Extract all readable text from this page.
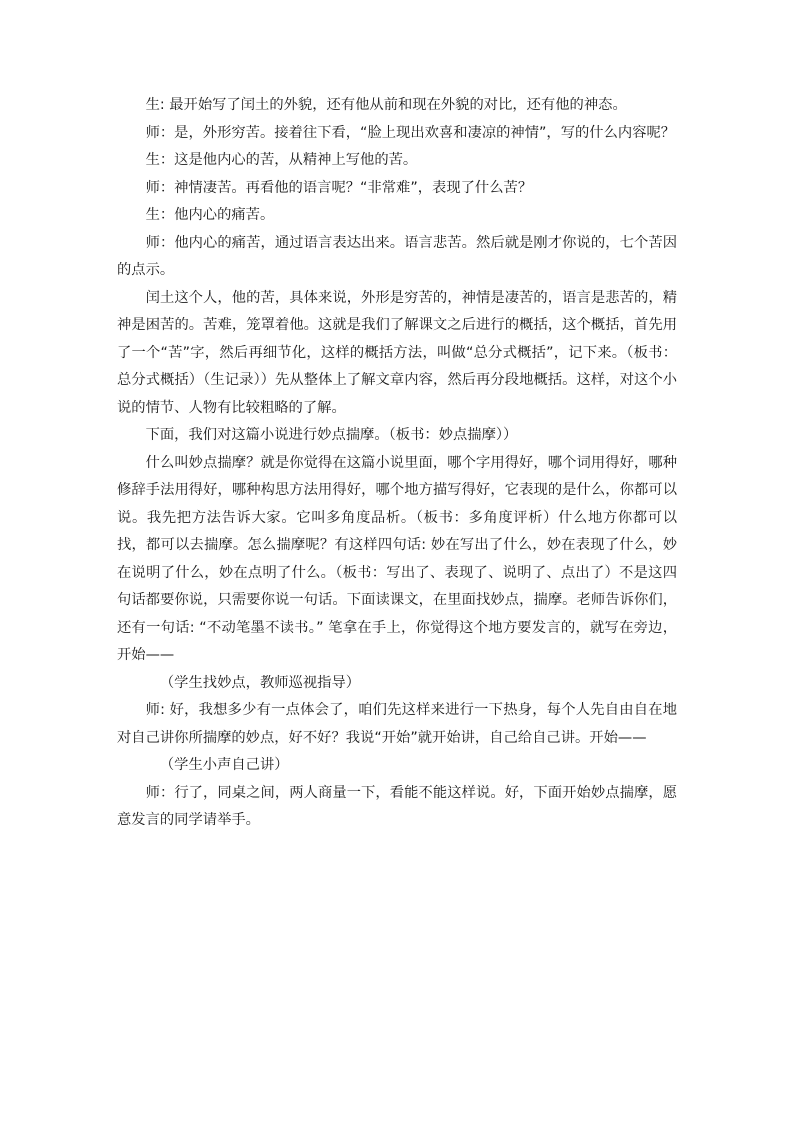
生: 最开始写了闰土的外貌，还有他从前和现在外貌的对比，还有他的神态。

师：是，外形穷苦。接着往下看，“脸上现出欢喜和凄凉的神情”，写的什么内容呢？

生：这是他内心的苦，从精神上写他的苦。

师：神情凄苦。再看他的语言呢？“非常难”，表现了什么苦？

生：他内心的痛苦。

师：他内心的痛苦，通过语言表达出来。语言悲苦。然后就是刚才你说的，七个苦因的点示。

闰土这个人，他的苦，具体来说，外形是穷苦的，神情是凄苦的，语言是悲苦的，精神是困苦的。苦难，笼罩着他。这就是我们了解课文之后进行的概括，这个概括，首先用了一个“苦”字，然后再细节化，这样的概括方法，叫做“总分式概括”，记下来。（板书：总分式概括）（生记录））先从整体上了解文章内容，然后再分段地概括。这样，对这个小说的情节、人物有比较粗略的了解。

下面，我们对这篇小说进行妙点揣摩。（板书：妙点揣摩））

什么叫妙点揣摩？就是你觉得在这篇小说里面，哪个字用得好，哪个词用得好，哪种修辞手法用得好，哪种构思方法用得好，哪个地方描写得好，它表现的是什么，你都可以说。我先把方法告诉大家。它叫多角度品析。（板书：多角度评析）什么地方你都可以找，都可以去揣摩。怎么揣摩呢？有这样四句话: 妙在写出了什么，妙在表现了什么，妙在说明了什么，妙在点明了什么。（板书：写出了、表现了、说明了、点出了）不是这四句话都要你说，只需要你说一句话。下面读课文，在里面找妙点，揣摩。老师告诉你们，还有一句话: “不动笔墨不读书。” 笔拿在手上，你觉得这个地方要发言的，就写在旁边，开始——

（学生找妙点，教师巡视指导）

师: 好，我想多少有一点体会了，咱们先这样来进行一下热身，每个人先自由自在地对自己讲你所揣摩的妙点，好不好？我说“开始”就开始讲，自己给自己讲。开始——

（学生小声自己讲）

师：行了，同桌之间，两人商量一下，看能不能这样说。好，下面开始妙点揣摩，愿意发言的同学请举手。
